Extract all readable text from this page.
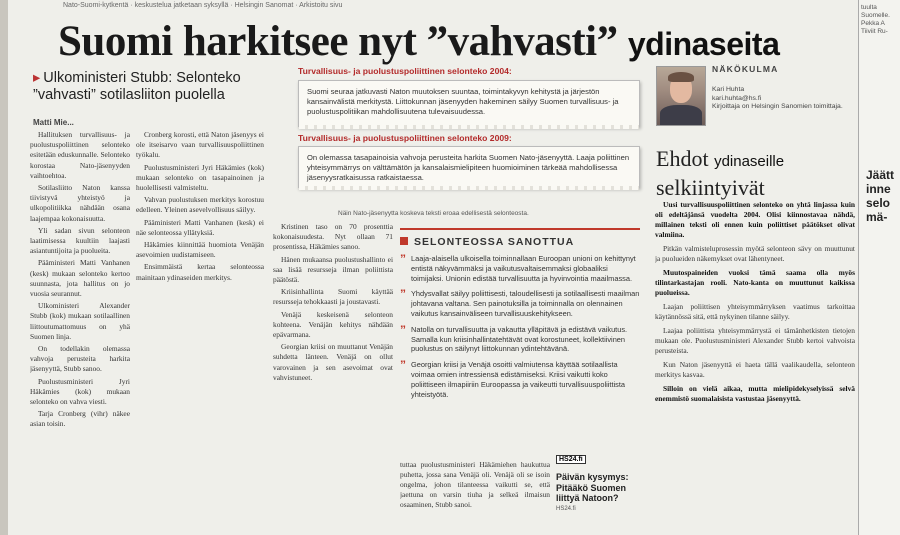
Nato-Suomi-kytkentä · keskustelua jatketaan syksyllä · Helsingin Sanomat · Arkistoitu sivu
Suomi harkitsee nyt ”vahvasti” ydinaseita
▸ Ulkoministeri Stubb: Selonteko ”vahvasti” sotilasliiton puolella
Matti Mie...

Hallituksen turvallisuus- ja puolustuspoliittinen selonteko esitetään eduskunnalle. Selonteko korostaa Nato-jäsenyyden vaihtoehtoa.

Sotilasliitto Naton kanssa tiivistyvä yhteistyö ja ulkopolitiikka nähdään osana laajempaa kokonaisuutta.

Yli sadan sivun selonteon laatimisessa kuultiin laajasti asiantuntijoita ja puolueita.

Pääministeri Matti Vanhanen (kesk) mukaan selonteko kertoo suunnasta, jota hallitus on jo vuosia seurannut.

Ulkoministeri Alexander Stubb (kok) mukaan sotilaallinen liittoutumattomuus on yhä Suomen linja.

On todellakin olemassa vahvoja perusteita harkita jäsenyyttä, Stubb sanoo.

Puolustusministeri Jyri Häkämies (kok) mukaan selonteko on vahva viesti.

Tarja Cronberg (vihr) näkee asian toisin.

Cronberg korosti, että Naton jäsenyys ei ole itseisarvo vaan turvallisuuspoliittinen työkalu.

Puolustusministeri Jyri Häkämies (kok) mukaan selonteko on tasapainoinen ja huolellisesti valmisteltu.

Vahvan puolustuksen merkitys korostuu edelleen. Yleinen asevelvollisuus säilyy.

Pääministeri Matti Vanhanen (kesk) ei näe selonteossa yllätyksiä.

Häkämies kiinnittää huomiota Venäjän asevoimien uudistamiseen.

Ensimmäistä kertaa selonteossa mainitaan ydinaseiden merkitys.

Turvallisuus- ja puolustuspoliittinen selonteko 2004:
Suomi seuraa jatkuvasti Naton muutoksen suuntaa, toimintakyvyn kehitystä ja järjestön kansainvälistä merkitystä. Liittokunnan jäsenyyden hakeminen säilyy Suomen turvallisuus- ja puolustuspolitiikan mahdollisuutena tulevaisuudessa.
Turvallisuus- ja puolustuspoliittinen selonteko 2009:
On olemassa tasapainoisia vahvoja perusteita harkita Suomen Nato-jäsenyyttä. Laaja poliittinen yhteisymmärrys on välttämätön ja kansalaismielipiteen huomioiminen tärkeää mahdollisessa jäsenyysratkaisussa ratkaistaessa.
Näin Nato-jäsenyytta koskeva teksti eroaa edellisestä selonteosta.

Kristinen taso on 70 prosenttia kokonaisuudesta. Nyt ollaan 71 prosentissa, Häkämies sanoo.

Hänen mukaansa puolustushallinto ei saa lisää resursseja ilman poliittista päätöstä.

Kriisinhallinta Suomi käyttää resursseja tehokkaasti ja joustavasti.

Venäjä keskeisenä selonteon kohteena. Venäjän kehitys nähdään epävarmana.

Georgian kriisi on muuttanut Venäjän suhdetta länteen. Venäjä on ollut varovainen ja sen asevoimat ovat vahvistuneet.

SELONTEOSSA SANOTTUA
” Laaja-alaisella ulkoisella toiminnallaan Euroopan unioni on kehittynyt entistä näkyvämmäksi ja vaikutusvaltaisemmaksi globaaliksi toimijaksi. Unionin edistää turvallisuutta ja hyvinvointia maailmassa.
” Yhdysvallat säilyy poliittisesti, taloudellisesti ja sotilaallisesti maailman johtavana valtana. Sen painotuksilla ja toiminnalla on olennainen vaikutus kansainväliseen turvallisuuskehitykseen.
” Natolla on turvallisuutta ja vakautta ylläpitävä ja edistävä vaikutus. Samalla kun kriisinhallintatehtävät ovat korostuneet, kollektiivinen puolustus on säilynyt liittokunnan ydintehtävänä.
” Georgian kriisi ja Venäjä osoitti valmiutensa käyttää sotilaallista voimaa omien intressiensä edistämiseksi. Kriisi vaikutti koko poliittiseen ilmapiiriin Euroopassa ja vaikeutti turvallisuuspoliittista yhteistyötä.
tuttaa puolustusministeri Häkämiehen haukuttua puhetta, jossa sana Venäjä oli. Venäjä oli se isoin ongelma, johon tilanteessa vaikutti se, että jaettuna on varsin tiuha ja selkeä ilmaisun osaaminen, Stubb sanoi.
HS24.fi
Päivän kysymys: Pitääkö Suomen liittyä Natoon?
HS24.fi
NÄKÖKULMA
Kari Huhta
kari.huhta@hs.fi
Kirjoittaja on Helsingin Sanomien toimittaja.
Ehdot ydinaseille
selkiintyivät

Uusi turvallisuuspoliittinen selonteko on yhtä linjassa kuin oli edeltäjänsä vuodelta 2004. Olisi kiinnostavaa nähdä, millainen teksti oli ennen kuin poliittiset päätökset olivat valmiina.

Pitkän valmisteluprosessin myötä selonteon sävy on muuttunut ja puolueiden näkemykset ovat lähentyneet.

Muutospaineiden vuoksi tämä saama olla myös tilintarkastajan rooli. Nato-kanta on muuttunut kaikissa puolueissa.

Laajan poliittisen yhteisymmärryksen vaatimus tarkoittaa käytännössä sitä, että nykyinen tilanne säilyy.

Laajaa poliittista yhteisymmärrystä ei tämänhetkisten tietojen mukaan ole. Puolustusministeri Alexander Stubb kertoi vahvoista perusteista.

Kun Naton jäsenyyttä ei haeta tällä vaalikaudella, selonteon merkitys kasvaa.

Silloin on vielä aikaa, mutta mielipidekyselyissä selvä enemmistö suomalaisista vastustaa jäsenyyttä.

tuulta Suomelle. Pekka A Tiiviit Ru-
Jäätt
inne
selo
mä-
